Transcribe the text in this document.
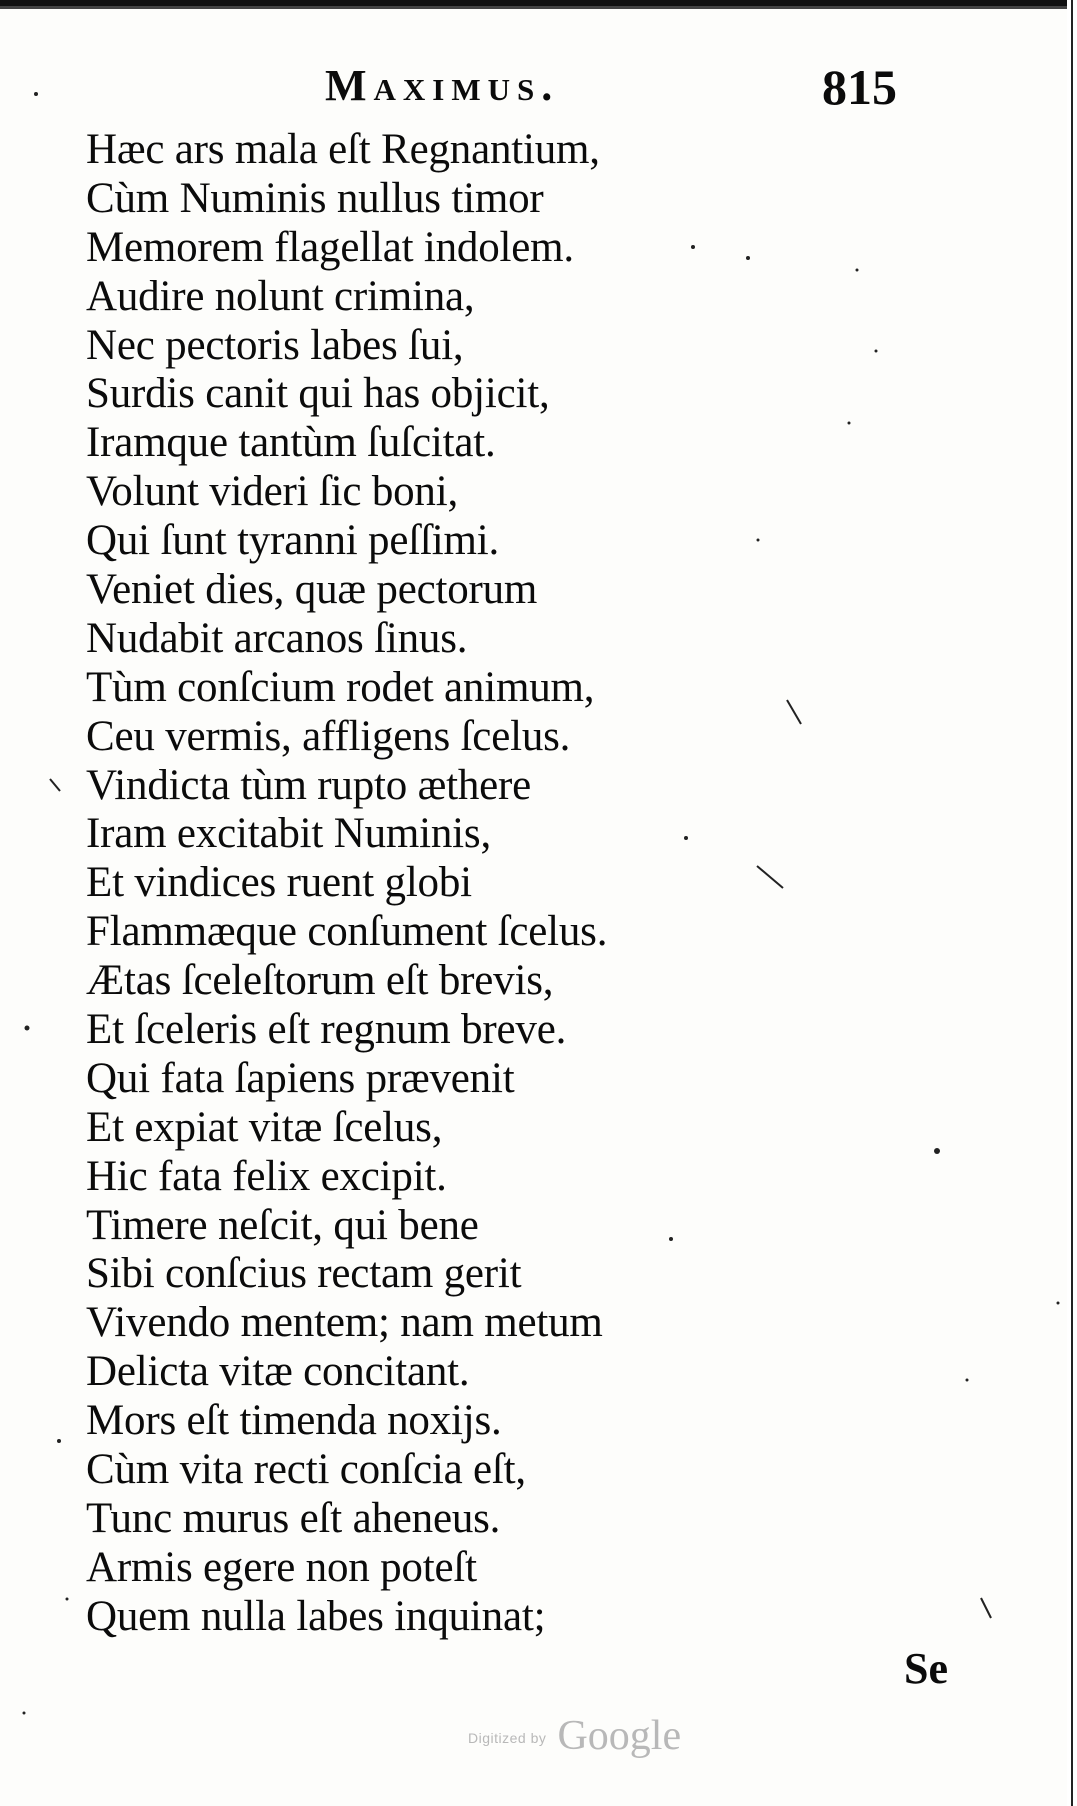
Maximus.	815
Hæc ars mala eſt Regnantium,
Cùm Numinis nullus timor
Memorem flagellat indolem.
Audire nolunt crimina,
Nec pectoris labes ſui,
Surdis canit qui has objicit,
Iramque tantùm ſuſcitat.
Volunt videri ſic boni,
Qui ſunt tyranni peſſimi.
Veniet dies, quæ pectorum
Nudabit arcanos ſinus.
Tùm conſcium rodet animum,
Ceu vermis, affligens ſcelus.
Vindicta tùm rupto æthere
Iram excitabit Numinis,
Et vindices ruent globi
Flammæque conſument ſcelus.
Ætas ſceleſtorum eſt brevis,
Et ſceleris eſt regnum breve.
Qui fata ſapiens prævenit
Et expiat vitæ ſcelus,
Hic fata felix excipit.
Timere neſcit, qui bene
Sibi conſcius rectam gerit
Vivendo mentem; nam metum
Delicta vitæ concitant.
Mors eſt timenda noxijs.
Cùm vita recti conſcia eſt,
Tunc murus eſt aheneus.
Armis egere non poteſt
Quem nulla labes inquinat;
Se
Digitized by Google
